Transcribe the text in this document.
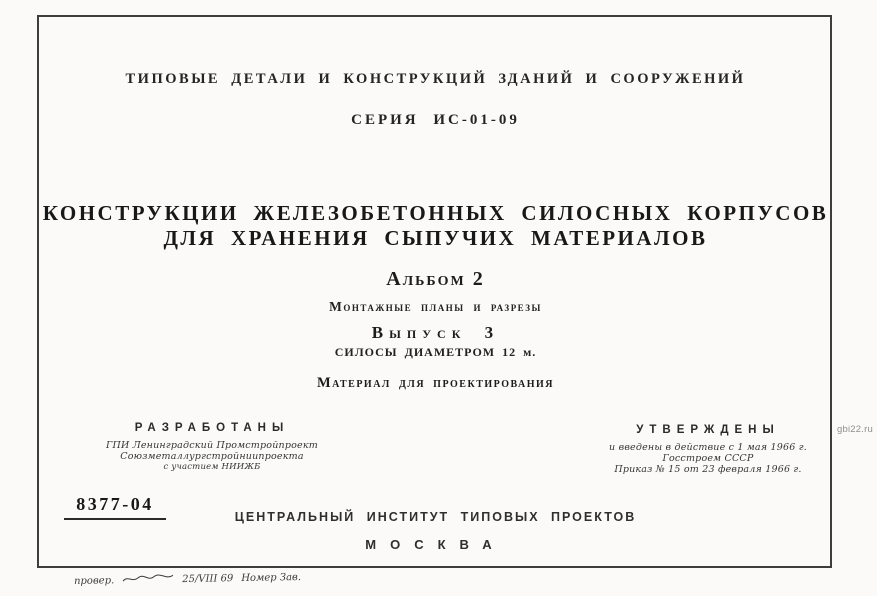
ТИПОВЫЕ ДЕТАЛИ И КОНСТРУКЦИЙ ЗДАНИЙ И СООРУЖЕНИЙ
СЕРИЯ ИС-01-09
КОНСТРУКЦИИ ЖЕЛЕЗОБЕТОННЫХ СИЛОСНЫХ КОРПУСОВ
ДЛЯ ХРАНЕНИЯ СЫПУЧИХ МАТЕРИАЛОВ
Альбом 2
Монтажные планы и разрезы
Выпуск 3
СИЛОСЫ ДИАМЕТРОМ 12 м.
Материал для проектирования
РАЗРАБОТАНЫ
ГПИ Ленинградский Промстройпроект
Союзметаллургстройниипроекта
с участием НИИЖБ
УТВЕРЖДЕНЫ
и введены в действие с 1 мая 1966 г.
Госстроем СССР
Приказ № 15 от 23 февраля 1966 г.
gbi22.ru
8377-04
ЦЕНТРАЛЬНЫЙ ИНСТИТУТ ТИПОВЫХ ПРОЕКТОВ
МОСКВА
провер.	25/VIII 69 Номер Зав.
